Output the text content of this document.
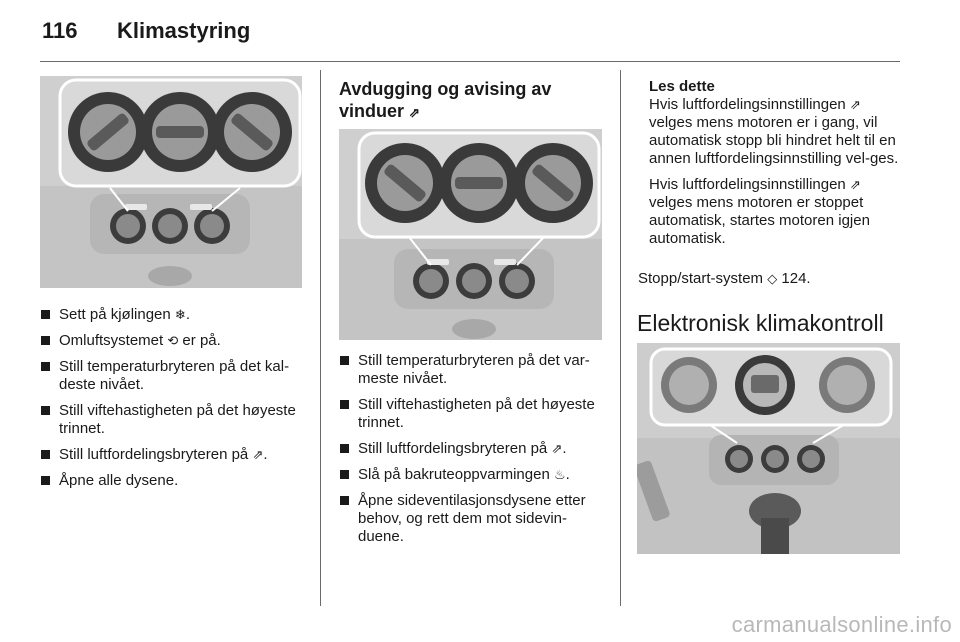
116 Klimastyring
Sett på kjølingen ❄.
Omluftsystemet ⟲ er på.
Still temperaturbryteren på det kal-deste nivået.
Still viftehastigheten på det høyeste trinnet.
Still luftfordelingsbryteren på ⇗.
Åpne alle dysene.
Avdugging og avising av vinduer ⇗
Still temperaturbryteren på det var-meste nivået.
Still viftehastigheten på det høyeste trinnet.
Still luftfordelingsbryteren på ⇗.
Slå på bakruteoppvarmingen ♨.
Åpne sideventilasjonsdysene etter behov, og rett dem mot sidevin-duene.
Les dette
Hvis luftfordelingsinnstillingen ⇗ velges mens motoren er i gang, vil automatisk stopp bli hindret helt til en annen luftfordelingsinnstilling vel-ges.
Hvis luftfordelingsinnstillingen ⇗ velges mens motoren er stoppet automatisk, startes motoren igjen automatisk.
Stopp/start-system ◇ 124.
Elektronisk klimakontroll
carmanualsonline.info
